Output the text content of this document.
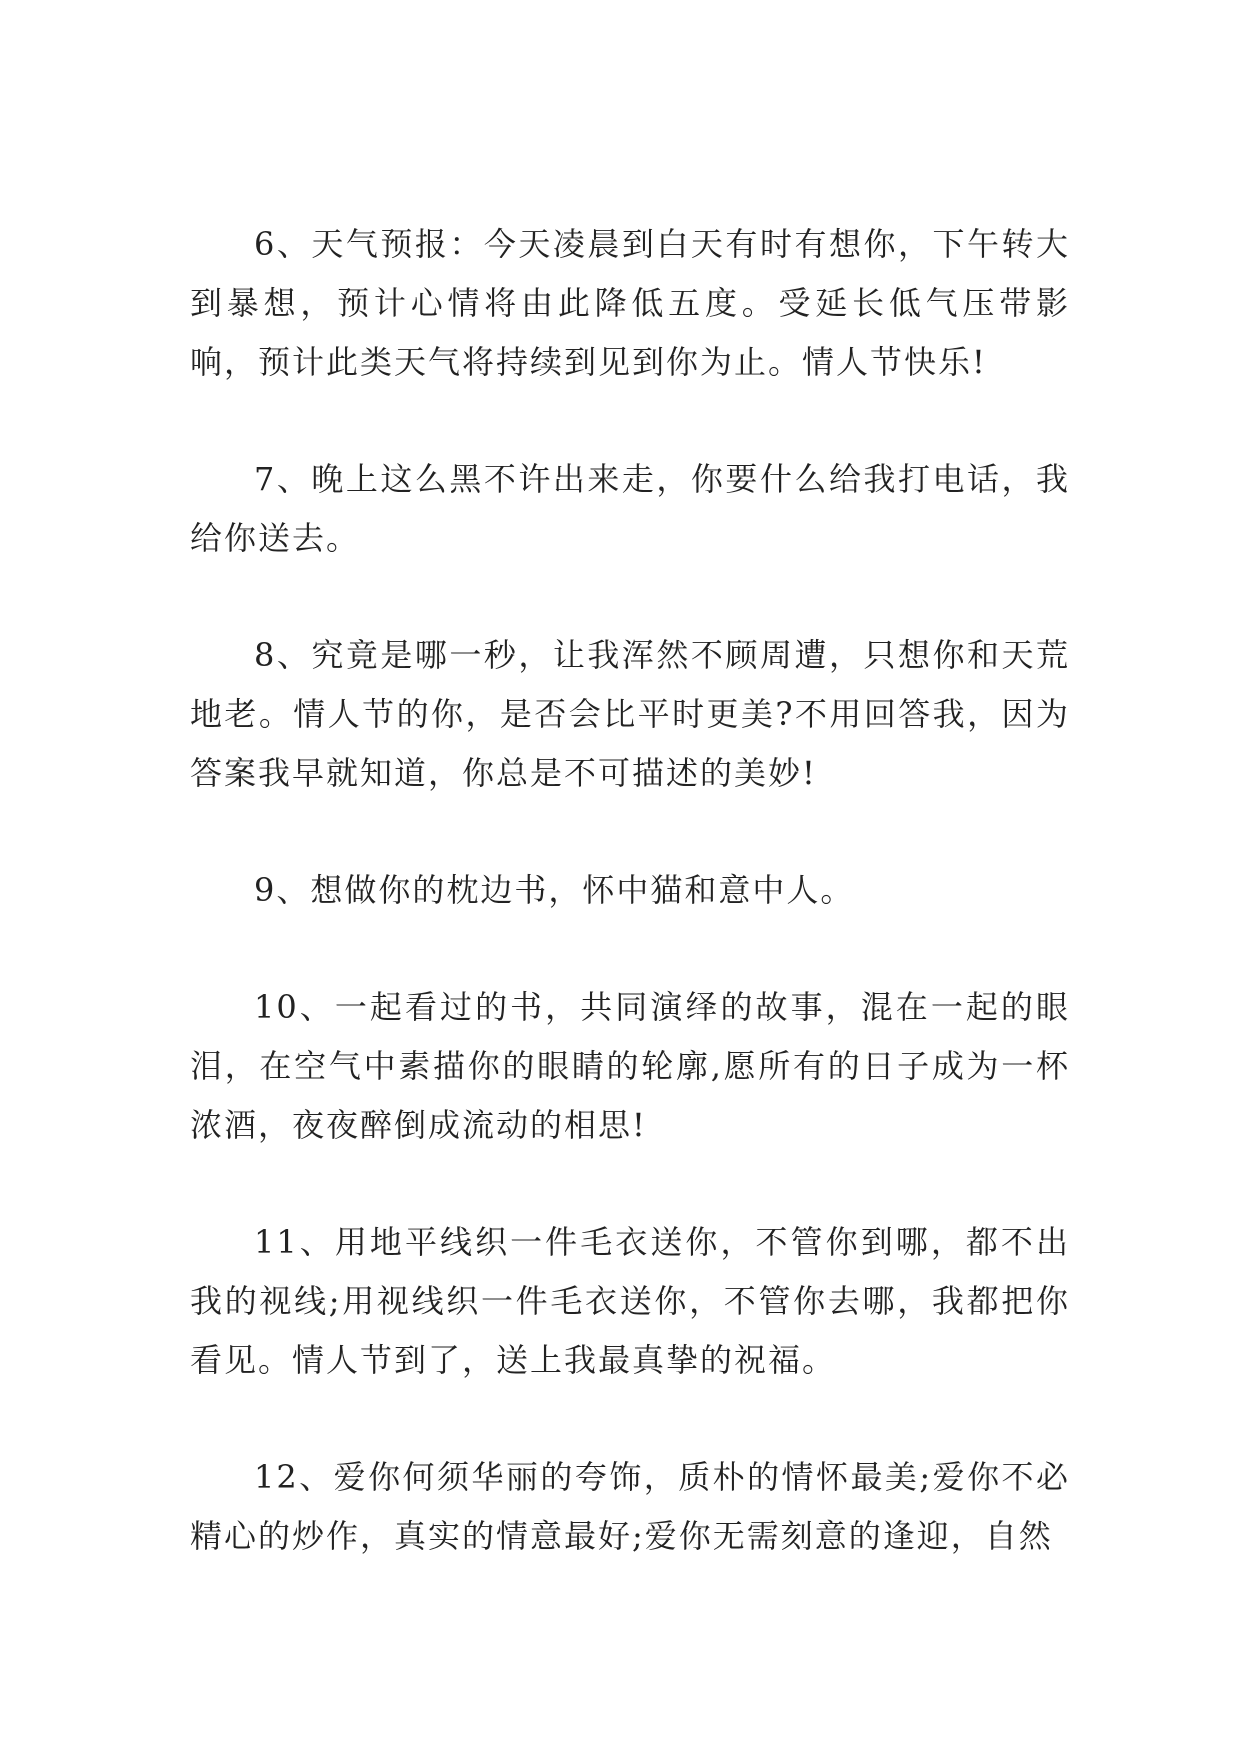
6、天气预报：今天凌晨到白天有时有想你，下午转大到暴想，预计心情将由此降低五度。受延长低气压带影响，预计此类天气将持续到见到你为止。情人节快乐!

7、晚上这么黑不许出来走，你要什么给我打电话，我给你送去。

8、究竟是哪一秒，让我浑然不顾周遭，只想你和天荒地老。情人节的你，是否会比平时更美?不用回答我，因为答案我早就知道，你总是不可描述的美妙!

9、想做你的枕边书，怀中猫和意中人。

10、一起看过的书，共同演绎的故事，混在一起的眼泪，在空气中素描你的眼睛的轮廓,愿所有的日子成为一杯浓酒，夜夜醉倒成流动的相思!

11、用地平线织一件毛衣送你，不管你到哪，都不出我的视线;用视线织一件毛衣送你，不管你去哪，我都把你看见。情人节到了，送上我最真挚的祝福。

12、爱你何须华丽的夸饰，质朴的情怀最美;爱你不必精心的炒作，真实的情意最好;爱你无需刻意的逢迎，自然
